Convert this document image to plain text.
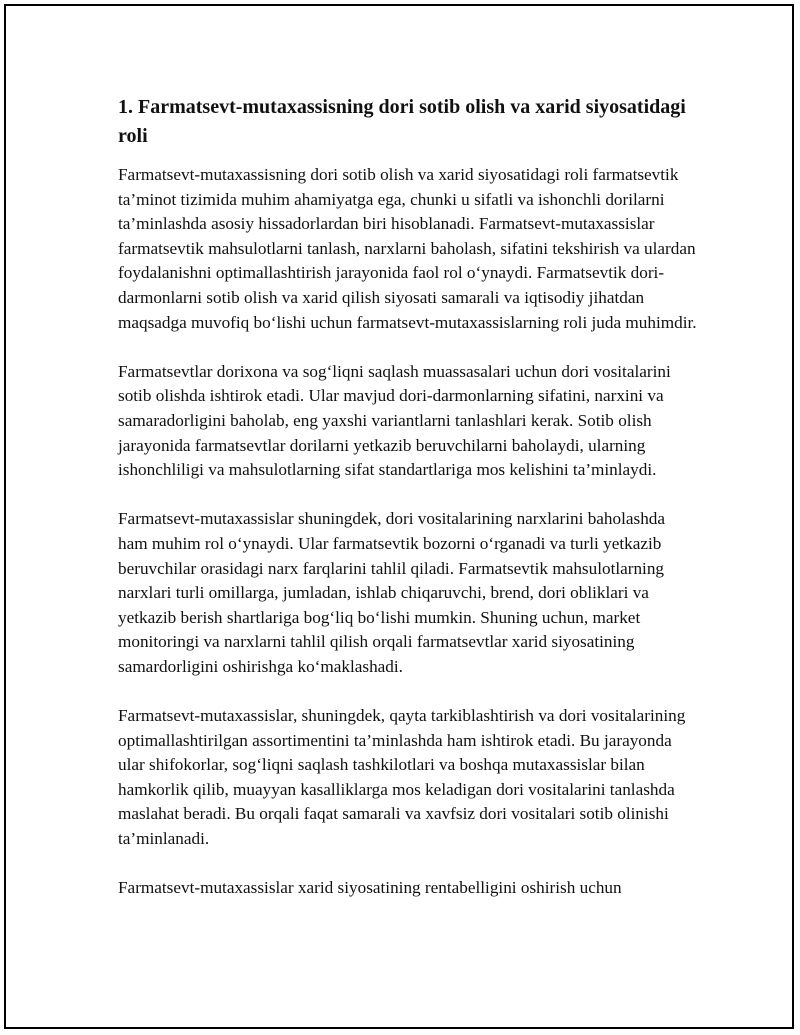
1. Farmatsevt-mutaxassisning dori sotib olish va xarid siyosatidagi roli

Farmatsevt-mutaxassisning dori sotib olish va xarid siyosatidagi roli farmatsevtik ta’minot tizimida muhim ahamiyatga ega, chunki u sifatli va ishonchli dorilarni ta’minlashda asosiy hissadorlardan biri hisoblanadi. Farmatsevt-mutaxassislar farmatsevtik mahsulotlarni tanlash, narxlarni baholash, sifatini tekshirish va ulardan foydalanishni optimallashtirish jarayonida faol rol o‘ynaydi. Farmatsevtik dori-darmonlarni sotib olish va xarid qilish siyosati samarali va iqtisodiy jihatdan maqsadga muvofiq bo‘lishi uchun farmatsevt-mutaxassislarning roli juda muhimdir.

Farmatsevtlar dorixona va sog‘liqni saqlash muassasalari uchun dori vositalarini sotib olishda ishtirok etadi. Ular mavjud dori-darmonlarning sifatini, narxini va samaradorligini baholab, eng yaxshi variantlarni tanlashlari kerak. Sotib olish jarayonida farmatsevtlar dorilarni yetkazib beruvchilarni baholaydi, ularning ishonchliligi va mahsulotlarning sifat standartlariga mos kelishini ta’minlaydi.

Farmatsevt-mutaxassislar shuningdek, dori vositalarining narxlarini baholashda ham muhim rol o‘ynaydi. Ular farmatsevtik bozorni o‘rganadi va turli yetkazib beruvchilar orasidagi narx farqlarini tahlil qiladi. Farmatsevtik mahsulotlarning narxlari turli omillarga, jumladan, ishlab chiqaruvchi, brend, dori obliklari va yetkazib berish shartlariga bog‘liq bo‘lishi mumkin. Shuning uchun, market monitoringi va narxlarni tahlil qilish orqali farmatsevtlar xarid siyosatining samardorligini oshirishga ko‘maklashadi.

Farmatsevt-mutaxassislar, shuningdek, qayta tarkiblashtirish va dori vositalarining optimallashtirilgan assortimentini ta’minlashda ham ishtirok etadi. Bu jarayonda ular shifokorlar, sog‘liqni saqlash tashkilotlari va boshqa mutaxassislar bilan hamkorlik qilib, muayyan kasalliklarga mos keladigan dori vositalarini tanlashda maslahat beradi. Bu orqali faqat samarali va xavfsiz dori vositalari sotib olinishi ta’minlanadi.

Farmatsevt-mutaxassislar xarid siyosatining rentabelligini oshirish uchun
